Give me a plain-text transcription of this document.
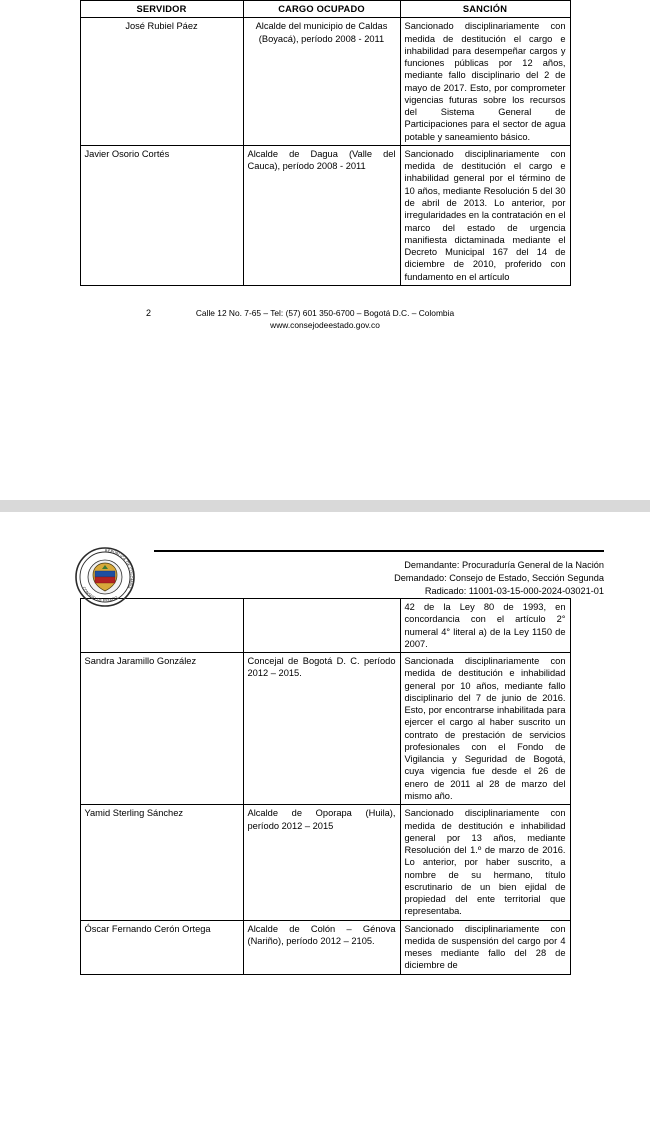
SERVIDOR	CARGO OCUPADO	SANCIÓN
José Rubiel Páez	Alcalde del municipio de Caldas (Boyacá), período 2008 - 2011	Sancionado disciplinariamente con medida de destitución el cargo e inhabilidad para desempeñar cargos y funciones públicas por 12 años, mediante fallo disciplinario del 2 de mayo de 2017. Esto, por comprometer vigencias futuras sobre los recursos del Sistema General de Participaciones para el sector de agua potable y saneamiento básico.
Javier Osorio Cortés	Alcalde de Dagua (Valle del Cauca), período 2008 - 2011	Sancionado disciplinariamente con medida de destitución el cargo e inhabilidad general por el término de 10 años, mediante Resolución 5 del 30 de abril de 2013. Lo anterior, por irregularidades en la contratación en el marco del estado de urgencia manifiesta dictaminada mediante el Decreto Municipal 167 del 14 de diciembre de 2010, proferido con fundamento en el artículo
2	Calle 12 No. 7-65 – Tel: (57) 601 350-6700 – Bogotá D.C. – Colombia
www.consejodeestado.gov.co
REPÚBLICA DE COLOMBIA
CONSEJO DE ESTADO
Demandante: Procuraduría General de la Nación
Demandado: Consejo de Estado, Sección Segunda
Radicado: 11001-03-15-000-2024-03021-01
		42 de la Ley 80 de 1993, en concordancia con el artículo 2° numeral 4° literal a) de la Ley 1150 de 2007.
Sandra Jaramillo González	Concejal de Bogotá D. C. período 2012 – 2015.	Sancionada disciplinariamente con medida de destitución e inhabilidad general por 10 años, mediante fallo disciplinario del 7 de junio de 2016. Esto, por encontrarse inhabilitada para ejercer el cargo al haber suscrito un contrato de prestación de servicios profesionales con el Fondo de Vigilancia y Seguridad de Bogotá, cuya vigencia fue desde el 26 de enero de 2011 al 28 de marzo del mismo año.
Yamid Sterling Sánchez	Alcalde de Oporapa (Huila), período 2012 – 2015	Sancionado disciplinariamente con medida de destitución e inhabilidad general por 13 años, mediante Resolución del 1.º de marzo de 2016. Lo anterior, por haber suscrito, a nombre de su hermano, título escrutinario de un bien ejidal de propiedad del ente territorial que representaba.
Óscar Fernando Cerón Ortega	Alcalde de Colón – Génova (Nariño), período 2012 – 2105.	Sancionado disciplinariamente con medida de suspensión del cargo por 4 meses mediante fallo del 28 de diciembre de
